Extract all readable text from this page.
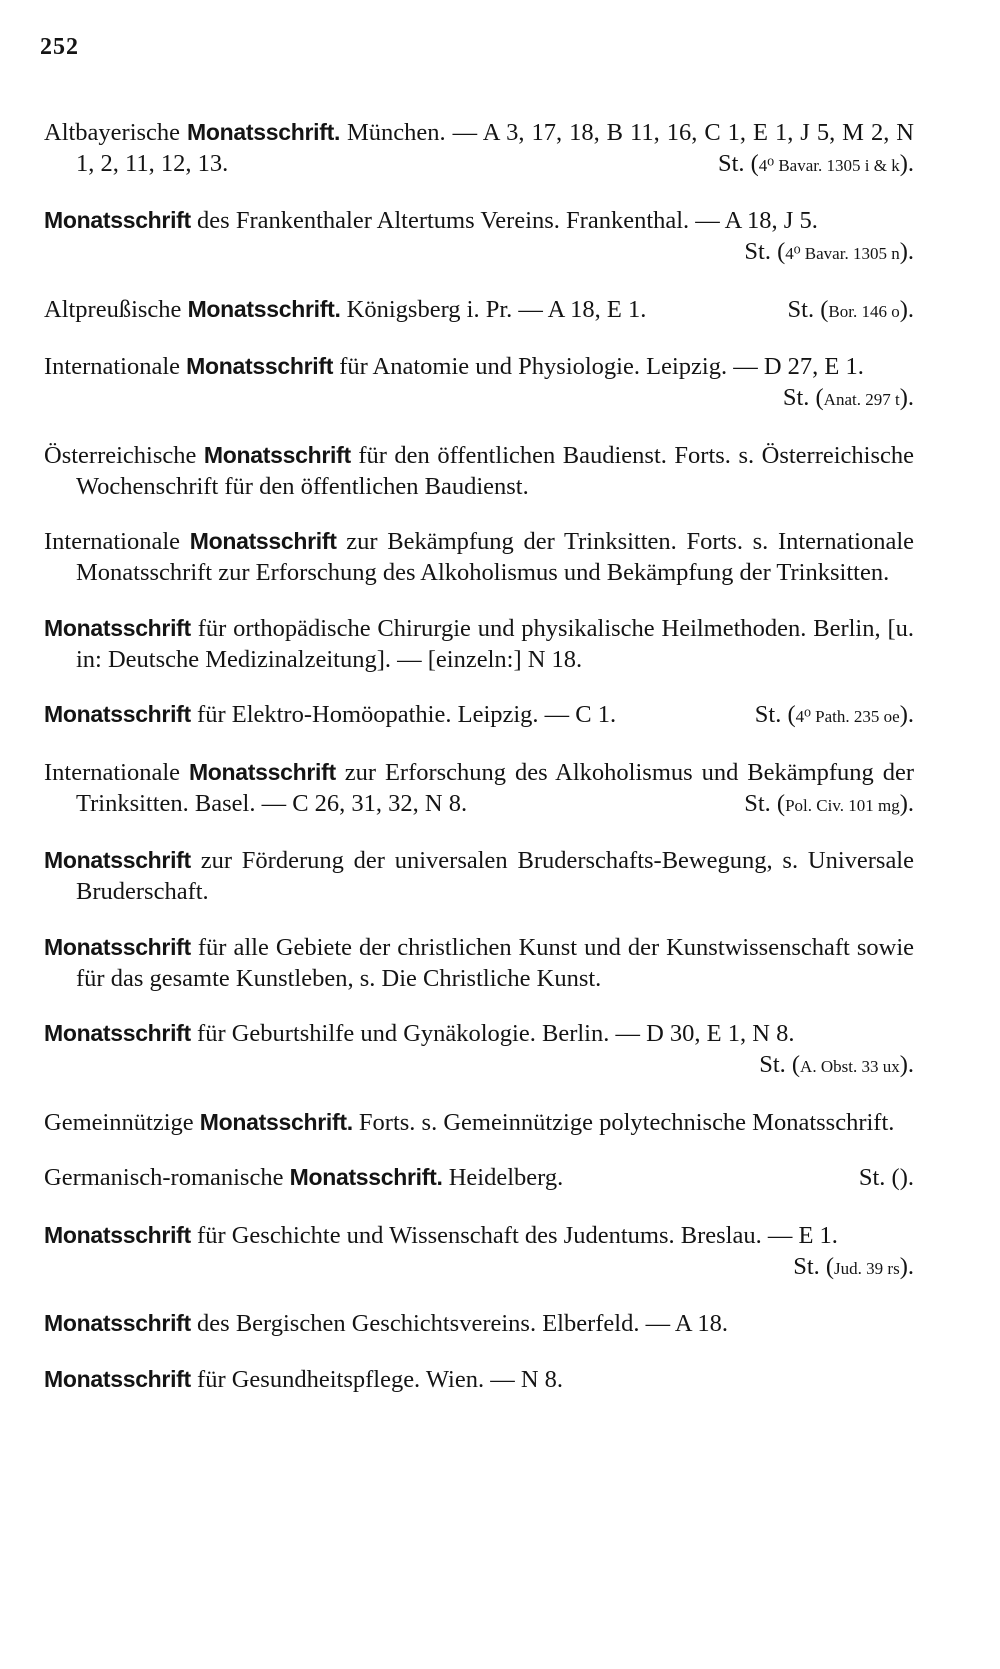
252

Altbayerische Monatsschrift. München. — A 3, 17, 18, B 11, 16, C 1, E 1, J 5, M 2, N 1, 2, 11, 12, 13.	St. (4⁰ Bavar. 1305 i & k).

Monatsschrift des Frankenthaler Altertums Vereins. Frankenthal. — A 18, J 5.
St. (4⁰ Bavar. 1305 n).

Altpreußische Monatsschrift. Königsberg i. Pr. — A 18, E 1.	St. (Bor. 146 o).

Internationale Monatsschrift für Anatomie und Physiologie. Leipzig. — D 27, E 1.
St. (Anat. 297 t).

Österreichische Monatsschrift für den öffentlichen Baudienst. Forts. s. Österreichische Wochenschrift für den öffentlichen Baudienst.

Internationale Monatsschrift zur Bekämpfung der Trinksitten. Forts. s. Internationale Monatsschrift zur Erforschung des Alkoholismus und Bekämpfung der Trinksitten.

Monatsschrift für orthopädische Chirurgie und physikalische Heilmethoden. Berlin, [u. in: Deutsche Medizinalzeitung]. — [einzeln:] N 18.

Monatsschrift für Elektro-Homöopathie. Leipzig. — C 1.	St. (4⁰ Path. 235 oe).

Internationale Monatsschrift zur Erforschung des Alkoholismus und Bekämpfung der Trinksitten. Basel. — C 26, 31, 32, N 8.	St. (Pol. Civ. 101 mg).

Monatsschrift zur Förderung der universalen Bruderschafts-Bewegung, s. Universale Bruderschaft.

Monatsschrift für alle Gebiete der christlichen Kunst und der Kunstwissenschaft sowie für das gesamte Kunstleben, s. Die Christliche Kunst.

Monatsschrift für Geburtshilfe und Gynäkologie. Berlin. — D 30, E 1, N 8.
St. (A. Obst. 33 ux).

Gemeinnützige Monatsschrift. Forts. s. Gemeinnützige polytechnische Monatsschrift.

Germanisch-romanische Monatsschrift. Heidelberg.	St. ().

Monatsschrift für Geschichte und Wissenschaft des Judentums. Breslau. — E 1.
St. (Jud. 39 rs).

Monatsschrift des Bergischen Geschichtsvereins. Elberfeld. — A 18.

Monatsschrift für Gesundheitspflege. Wien. — N 8.
